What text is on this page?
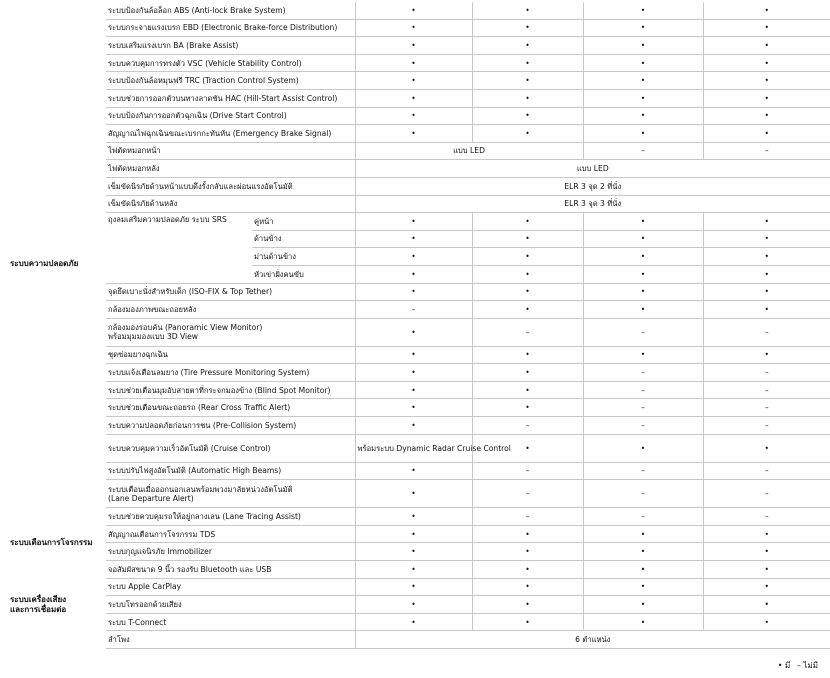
ระบบความปลอดภัย	ระบบป้องกันล้อล็อก ABS (Anti-lock Brake System)		•	•	•	•
	ระบบกระจายแรงเบรก EBD (Electronic Brake-force Distribution)		•	•	•	•
	ระบบเสริมแรงเบรก BA (Brake Assist)		•	•	•	•
	ระบบควบคุมการทรงตัว VSC (Vehicle Stability Control)		•	•	•	•
	ระบบป้องกันล้อหมุนฟรี TRC (Traction Control System)		•	•	•	•
	ระบบช่วยการออกตัวบนทางลาดชัน HAC (Hill-Start Assist Control)		•	•	•	•
	ระบบป้องกันการออกตัวฉุกเฉิน (Drive Start Control)		•	•	•	•
	สัญญาณไฟฉุกเฉินขณะเบรกกะทันหัน (Emergency Brake Signal)		•	•	•	•
	ไฟตัดหมอกหน้า		แบบ LED		–	–
	ไฟตัดหมอกหลัง		แบบ LED			
	เข็มขัดนิรภัยด้านหน้าแบบดึงรั้งกลับและผ่อนแรงอัตโนมัติ		ELR 3 จุด 2 ที่นั่ง			
	เข็มขัดนิรภัยด้านหลัง		ELR 3 จุด 3 ที่นั่ง			
	ถุงลมเสริมความปลอดภัย ระบบ SRS	คู่หน้า	•	•	•	•
		ด้านข้าง	•	•	•	•
		ม่านด้านข้าง	•	•	•	•
		หัวเข่าฝั่งคนขับ	•	•	•	•
	จุดยึดเบาะนั่งสำหรับเด็ก (ISO-FIX & Top Tether)		•	•	•	•
	กล้องมองภาพขณะถอยหลัง		–	•	•	•
	กล้องมองรอบคัน (Panoramic View Monitor)
พร้อมมุมมองแบบ 3D View		•	–	–	–
	ชุดซ่อมยางฉุกเฉิน		•	•	•	•
	ระบบแจ้งเตือนลมยาง (Tire Pressure Monitoring System)		•	•	–	–
	ระบบช่วยเตือนมุมอับสายตาที่กระจกมองข้าง (Blind Spot Monitor)		•	•	–	–
	ระบบช่วยเตือนขณะถอยรถ (Rear Cross Traffic Alert)		•	•	–	–
	ระบบความปลอดภัยก่อนการชน (Pre-Collision System)		•	–	–	–
	ระบบควบคุมความเร็วอัตโนมัติ (Cruise Control)		พร้อมระบบ Dynamic Radar Cruise Control	•	•	•
	ระบบปรับไฟสูงอัตโนมัติ (Automatic High Beams)		•	–	–	–
	ระบบเตือนเมื่อออกนอกเลนพร้อมพวงมาลัยหน่วงอัตโนมัติ
(Lane Departure Alert)		•	–	–	–
	ระบบช่วยควบคุมรถให้อยู่กลางเลน (Lane Tracing Assist)		•	–	–	–
ระบบเตือนการโจรกรรม	สัญญาณเตือนการโจรกรรม TDS		•	•	•	•
	ระบบกุญแจนิรภัย Immobilizer		•	•	•	•
ระบบเครื่องเสียง
และการเชื่อมต่อ	จอสัมผัสขนาด 9 นิ้ว รองรับ Bluetooth และ USB		•	•	•	•
	ระบบ Apple CarPlay		•	•	•	•
	ระบบโทรออกด้วยเสียง		•	•	•	•
	ระบบ T-Connect		•	•	•	•
	ลำโพง		6 ตำแหน่ง			
• มี – ไม่มี
